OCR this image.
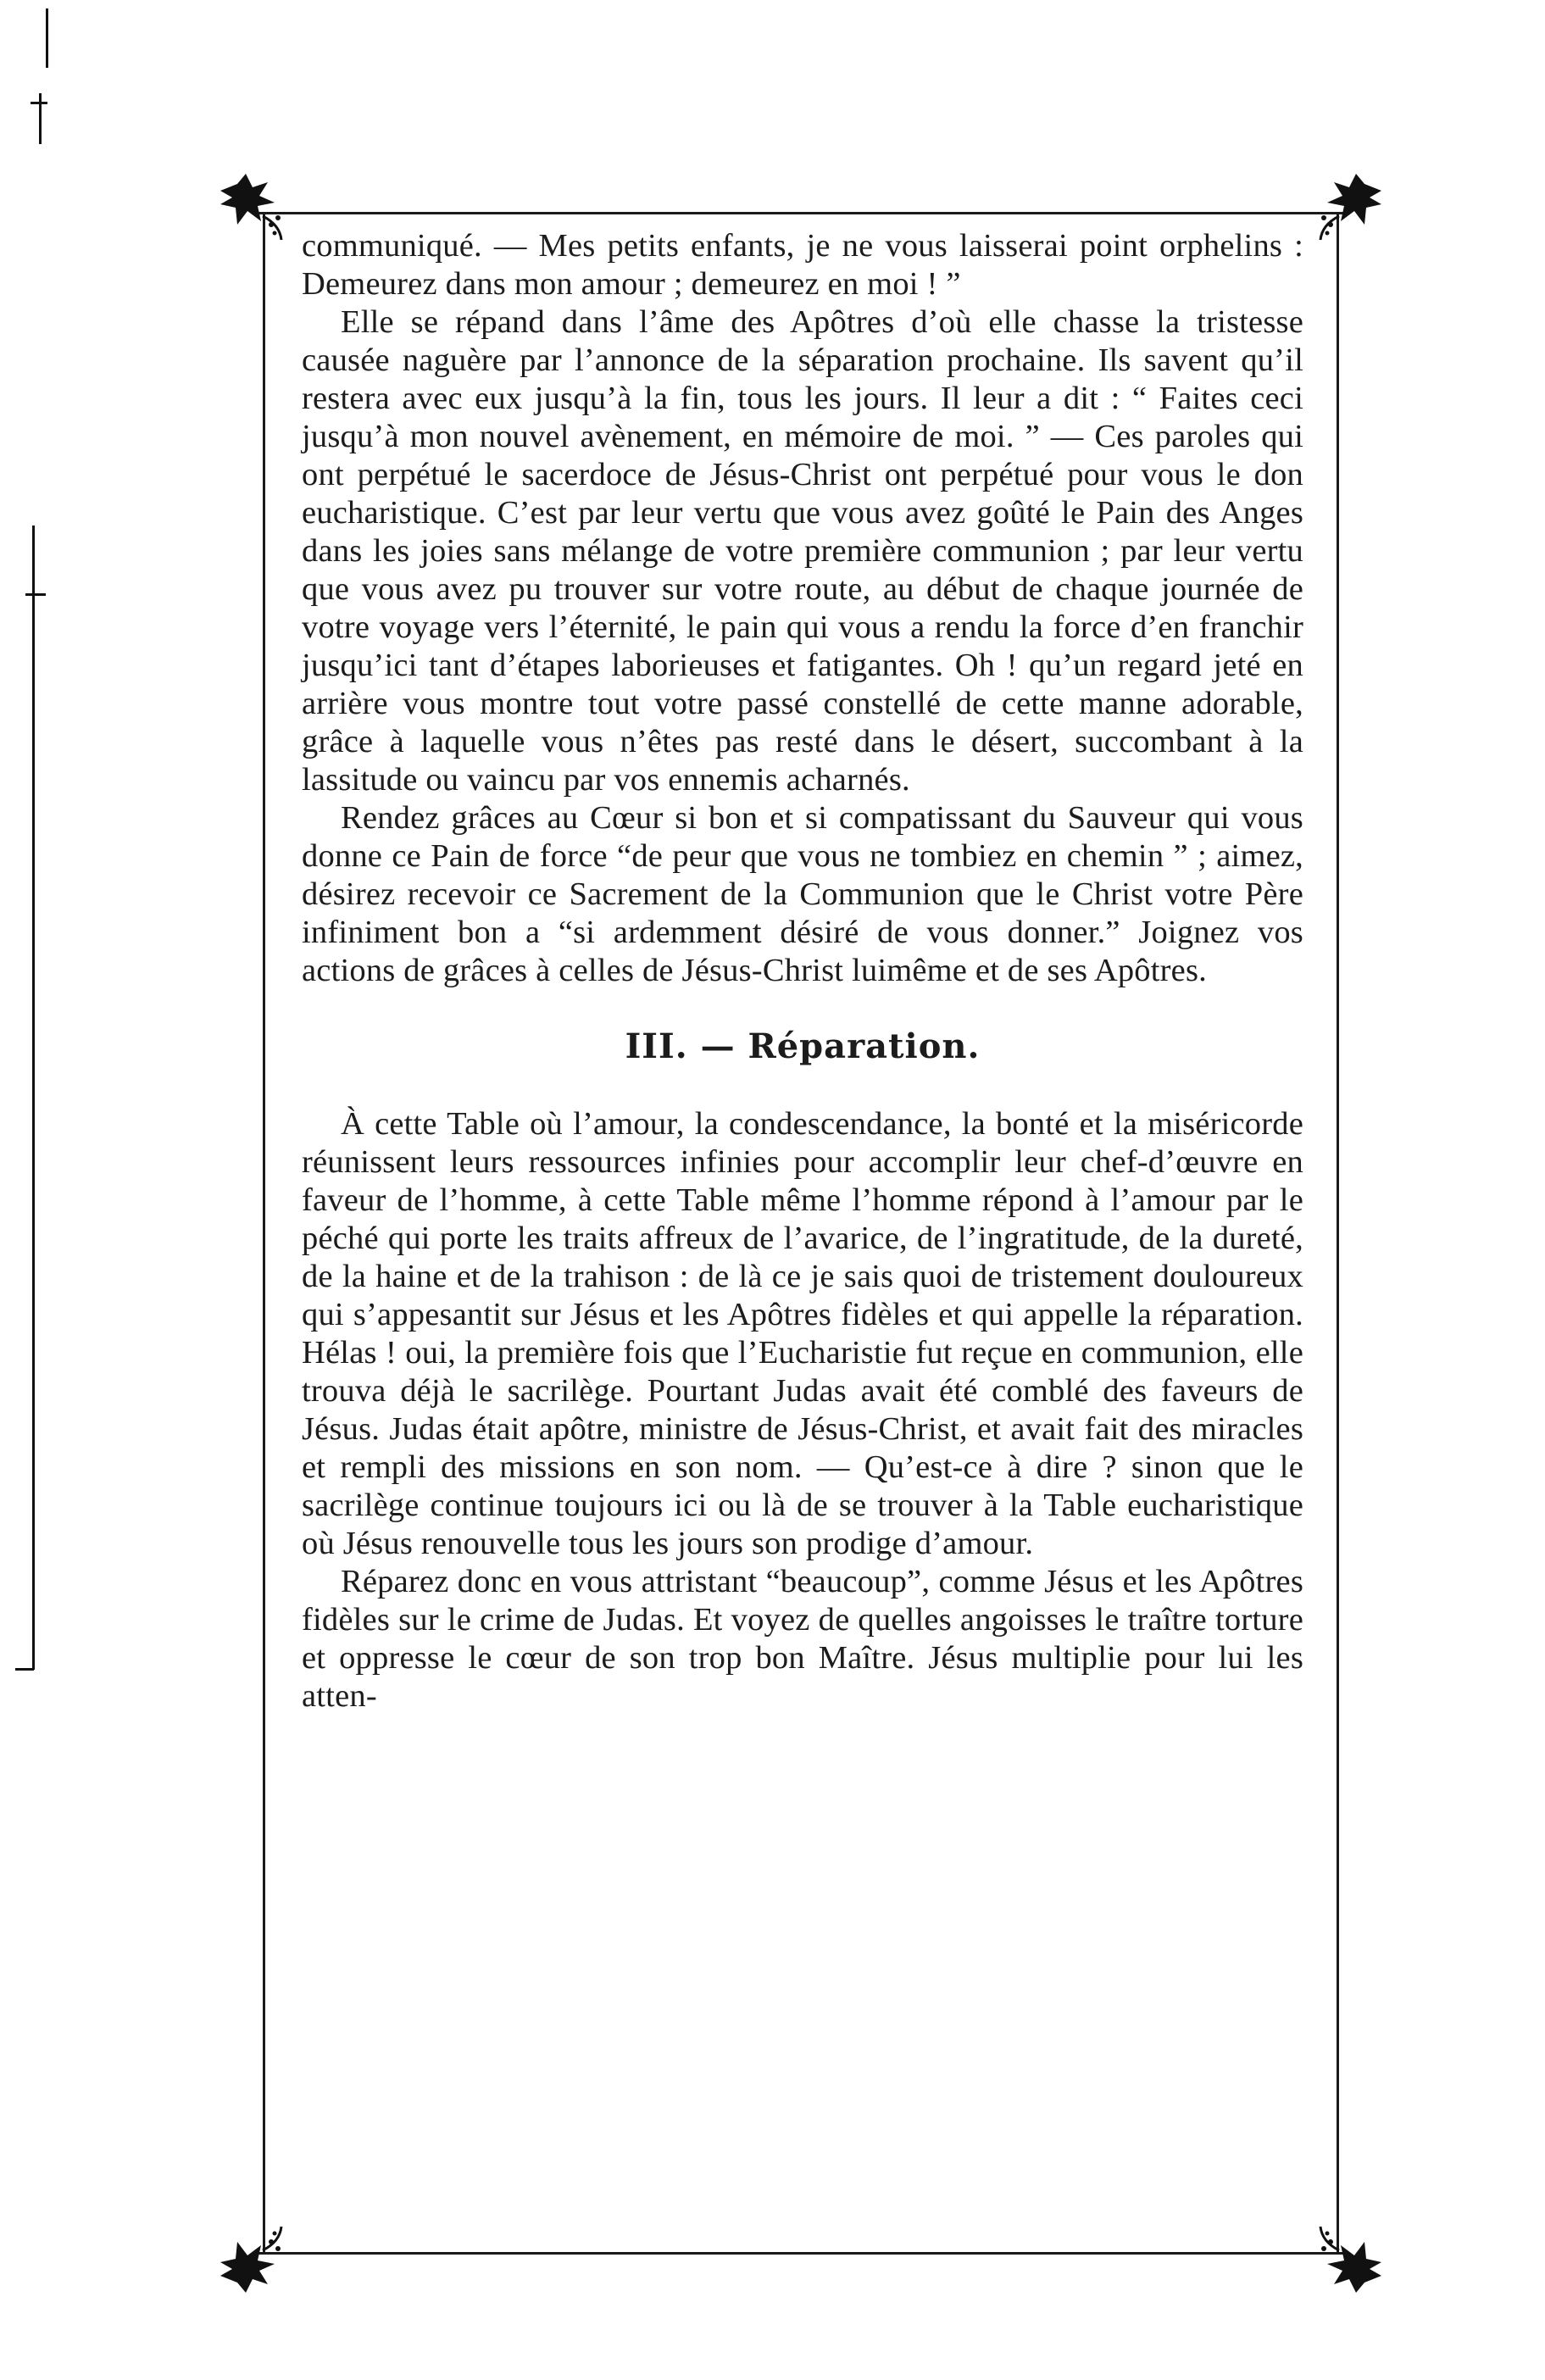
communiqué. — Mes petits enfants, je ne vous laisserai point orphelins : Demeurez dans mon amour ; demeurez en moi ! ”

Elle se répand dans l’âme des Apôtres d’où elle chasse la tristesse causée naguère par l’annonce de la séparation prochaine. Ils savent qu’il restera avec eux jusqu’à la fin, tous les jours. Il leur a dit : “ Faites ceci jusqu’à mon nouvel avènement, en mémoire de moi. ” — Ces paroles qui ont perpétué le sacerdoce de Jésus-Christ ont perpétué pour vous le don eucharistique. C’est par leur vertu que vous avez goûté le Pain des Anges dans les joies sans mélange de votre première communion ; par leur vertu que vous avez pu trouver sur votre route, au début de chaque journée de votre voyage vers l’éternité, le pain qui vous a rendu la force d’en franchir jusqu’ici tant d’étapes laborieuses et fatigantes. Oh ! qu’un regard jeté en arrière vous montre tout votre passé constellé de cette manne adorable, grâce à laquelle vous n’êtes pas resté dans le désert, succombant à la lassitude ou vaincu par vos ennemis acharnés.

Rendez grâces au Cœur si bon et si compatissant du Sauveur qui vous donne ce Pain de force “de peur que vous ne tombiez en chemin ” ; aimez, désirez recevoir ce Sacrement de la Communion que le Christ votre Père infiniment bon a “si ardemment désiré de vous donner.” Joignez vos actions de grâces à celles de Jésus-Christ luimême et de ses Apôtres.

III. — Réparation.

À cette Table où l’amour, la condescendance, la bonté et la miséricorde réunissent leurs ressources infinies pour accomplir leur chef-d’œuvre en faveur de l’homme, à cette Table même l’homme répond à l’amour par le péché qui porte les traits affreux de l’avarice, de l’ingratitude, de la dureté, de la haine et de la trahison : de là ce je sais quoi de tristement douloureux qui s’appesantit sur Jésus et les Apôtres fidèles et qui appelle la réparation. Hélas ! oui, la première fois que l’Eucharistie fut reçue en communion, elle trouva déjà le sacrilège. Pourtant Judas avait été comblé des faveurs de Jésus. Judas était apôtre, ministre de Jésus-Christ, et avait fait des miracles et rempli des missions en son nom. — Qu’est-ce à dire ? sinon que le sacrilège continue toujours ici ou là de se trouver à la Table eucharistique où Jésus renouvelle tous les jours son prodige d’amour.

Réparez donc en vous attristant “beaucoup”, comme Jésus et les Apôtres fidèles sur le crime de Judas. Et voyez de quelles angoisses le traître torture et oppresse le cœur de son trop bon Maître. Jésus multiplie pour lui les atten-
